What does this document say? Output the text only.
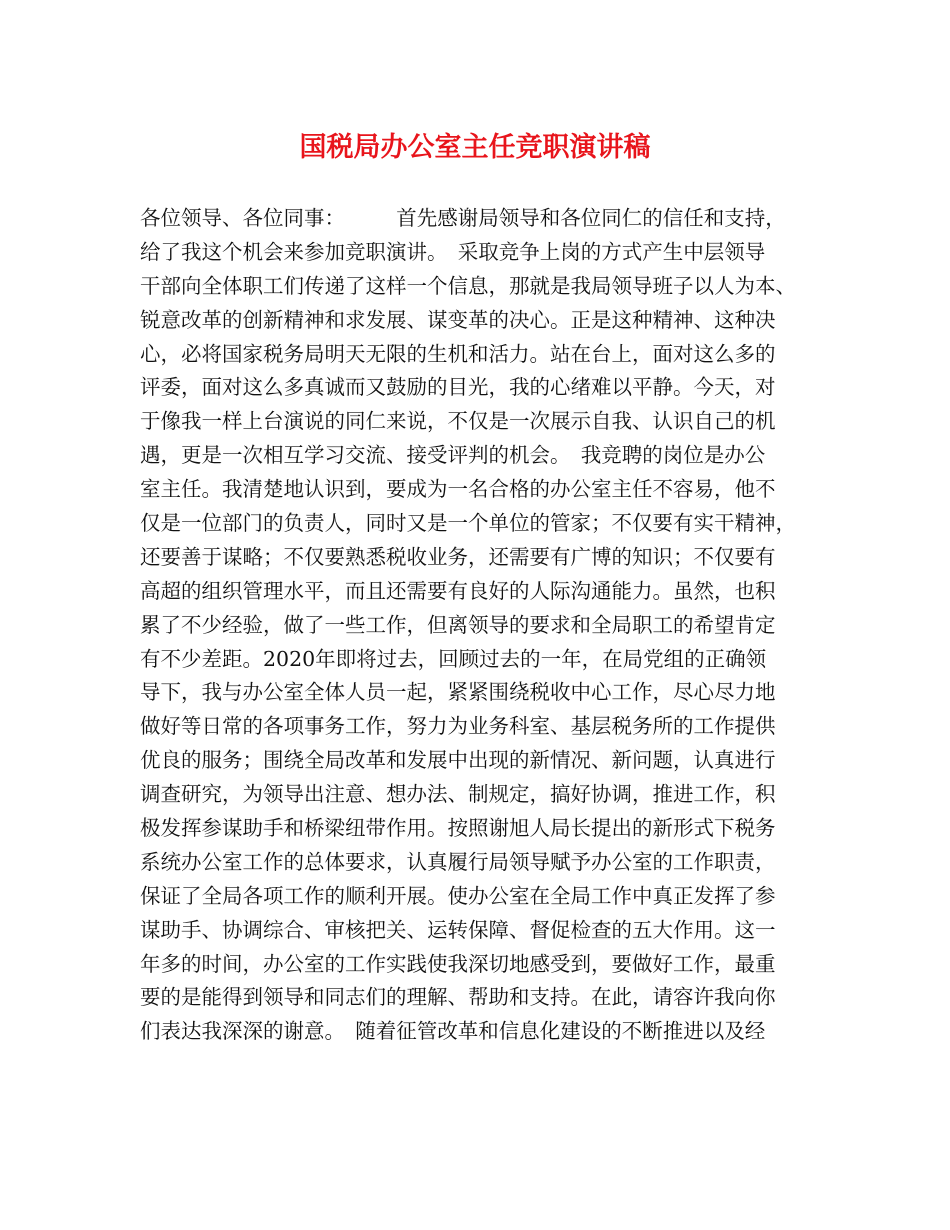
国税局办公室主任竞职演讲稿

各位领导、各位同事：　　　首先感谢局领导和各位同仁的信任和支持，

给了我这个机会来参加竞职演讲。　采取竞争上岗的方式产生中层领导

干部向全体职工们传递了这样一个信息，那就是我局领导班子以人为本、

锐意改革的创新精神和求发展、谋变革的决心。正是这种精神、这种决

心，必将国家税务局明天无限的生机和活力。站在台上，面对这么多的

评委，面对这么多真诚而又鼓励的目光，我的心绪难以平静。今天，对

于像我一样上台演说的同仁来说，不仅是一次展示自我、认识自己的机

遇，更是一次相互学习交流、接受评判的机会。　我竞聘的岗位是办公

室主任。我清楚地认识到，要成为一名合格的办公室主任不容易，他不

仅是一位部门的负责人，同时又是一个单位的管家；不仅要有实干精神，

还要善于谋略；不仅要熟悉税收业务，还需要有广博的知识；不仅要有

高超的组织管理水平，而且还需要有良好的人际沟通能力。虽然，也积

累了不少经验，做了一些工作，但离领导的要求和全局职工的希望肯定

有不少差距。2020年即将过去，回顾过去的一年，在局党组的正确领

导下，我与办公室全体人员一起，紧紧围绕税收中心工作，尽心尽力地

做好等日常的各项事务工作，努力为业务科室、基层税务所的工作提供

优良的服务；围绕全局改革和发展中出现的新情况、新问题，认真进行

调查研究，为领导出注意、想办法、制规定，搞好协调，推进工作，积

极发挥参谋助手和桥梁纽带作用。按照谢旭人局长提出的新形式下税务

系统办公室工作的总体要求，认真履行局领导赋予办公室的工作职责，

保证了全局各项工作的顺利开展。使办公室在全局工作中真正发挥了参

谋助手、协调综合、审核把关、运转保障、督促检查的五大作用。这一

年多的时间，办公室的工作实践使我深切地感受到，要做好工作，最重

要的是能得到领导和同志们的理解、帮助和支持。在此，请容许我向你

们表达我深深的谢意。　随着征管改革和信息化建设的不断推进以及经
